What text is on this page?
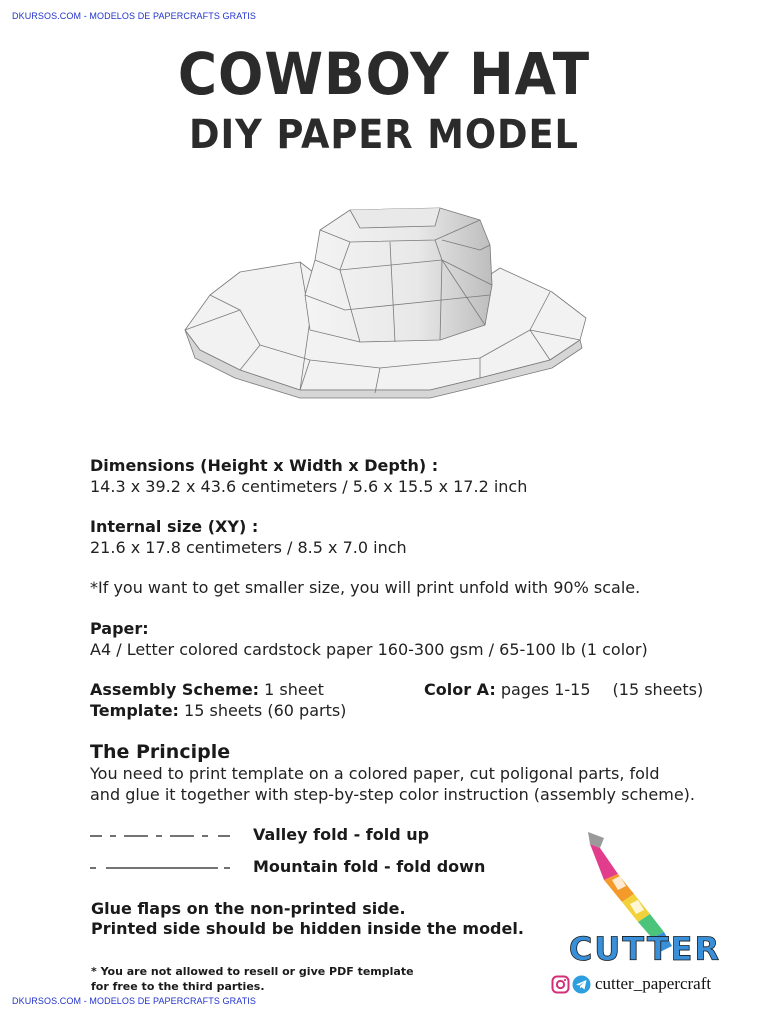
DKURSOS.COM - MODELOS DE PAPERCRAFTS GRATIS
COWBOY HAT
DIY PAPER MODEL
Dimensions (Height x Width x Depth) :
14.3 x 39.2 x 43.6 centimeters / 5.6 x 15.5 x 17.2 inch
Internal size (XY) :
21.6 x 17.8 centimeters / 8.5 x 7.0 inch
*If you want to get smaller size, you will print unfold with 90% scale.
Paper:
A4 / Letter colored cardstock paper 160-300 gsm / 65-100 lb (1 color)
Assembly Scheme: 1 sheet
Template: 15 sheets (60 parts)
Color A: pages 1-15 (15 sheets)
The Principle
You need to print template on a colored paper, cut poligonal parts, fold
and glue it together with step-by-step color instruction (assembly scheme).
Valley fold - fold up
Mountain fold - fold down
Glue flaps on the non-printed side.
Printed side should be hidden inside the model.
* You are not allowed to resell or give PDF template
for free to the third parties.
CUTTER
cutter_papercraft
DKURSOS.COM - MODELOS DE PAPERCRAFTS GRATIS
